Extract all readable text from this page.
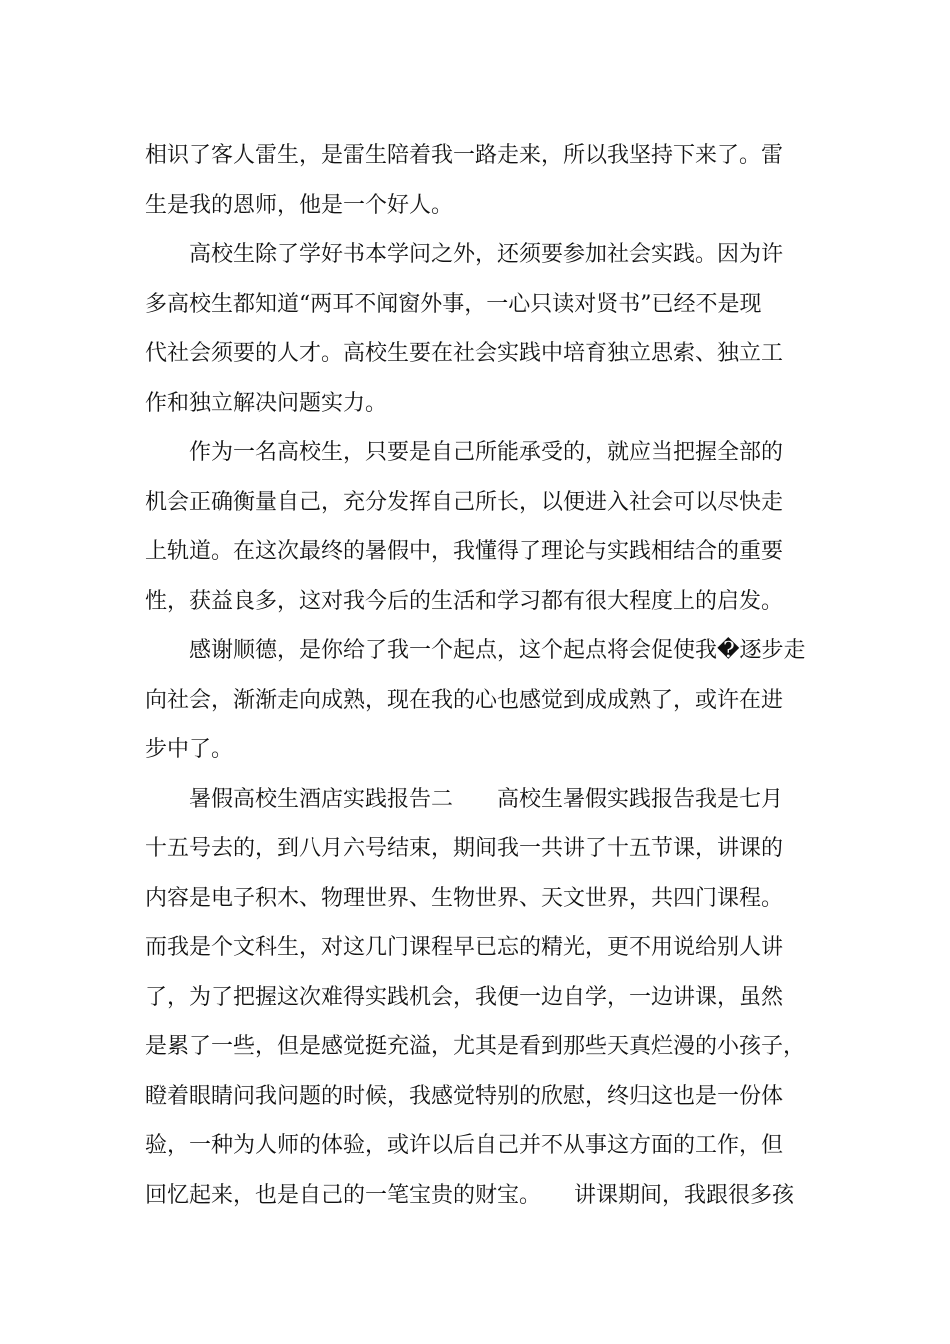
相识了客人雷生，是雷生陪着我一路走来，所以我坚持下来了。雷
生是我的恩师，他是一个好人。
　　高校生除了学好书本学问之外，还须要参加社会实践。因为许
多高校生都知道“两耳不闻窗外事，一心只读对贤书”已经不是现
代社会须要的人才。高校生要在社会实践中培育独立思索、独立工
作和独立解决问题实力。
　　作为一名高校生，只要是自己所能承受的，就应当把握全部的
机会正确衡量自己，充分发挥自己所长，以便进入社会可以尽快走
上轨道。在这次最终的暑假中，我懂得了理论与实践相结合的重要
性，获益良多，这对我今后的生活和学习都有很大程度上的启发。
　　感谢顺德，是你给了我一个起点，这个起点将会促使我�逐步走
向社会，渐渐走向成熟，现在我的心也感觉到成成熟了，或许在进
步中了。
　　暑假高校生酒店实践报告二　　高校生暑假实践报告我是七月
十五号去的，到八月六号结束，期间我一共讲了十五节课，讲课的
内容是电子积木、物理世界、生物世界、天文世界，共四门课程。
而我是个文科生，对这几门课程早已忘的精光，更不用说给别人讲
了，为了把握这次难得实践机会，我便一边自学，一边讲课，虽然
是累了一些，但是感觉挺充溢，尤其是看到那些天真烂漫的小孩子，
瞪着眼睛问我问题的时候，我感觉特别的欣慰，终归这也是一份体
验，一种为人师的体验，或许以后自己并不从事这方面的工作，但
回忆起来，也是自己的一笔宝贵的财宝。　　讲课期间，我跟很多孩
